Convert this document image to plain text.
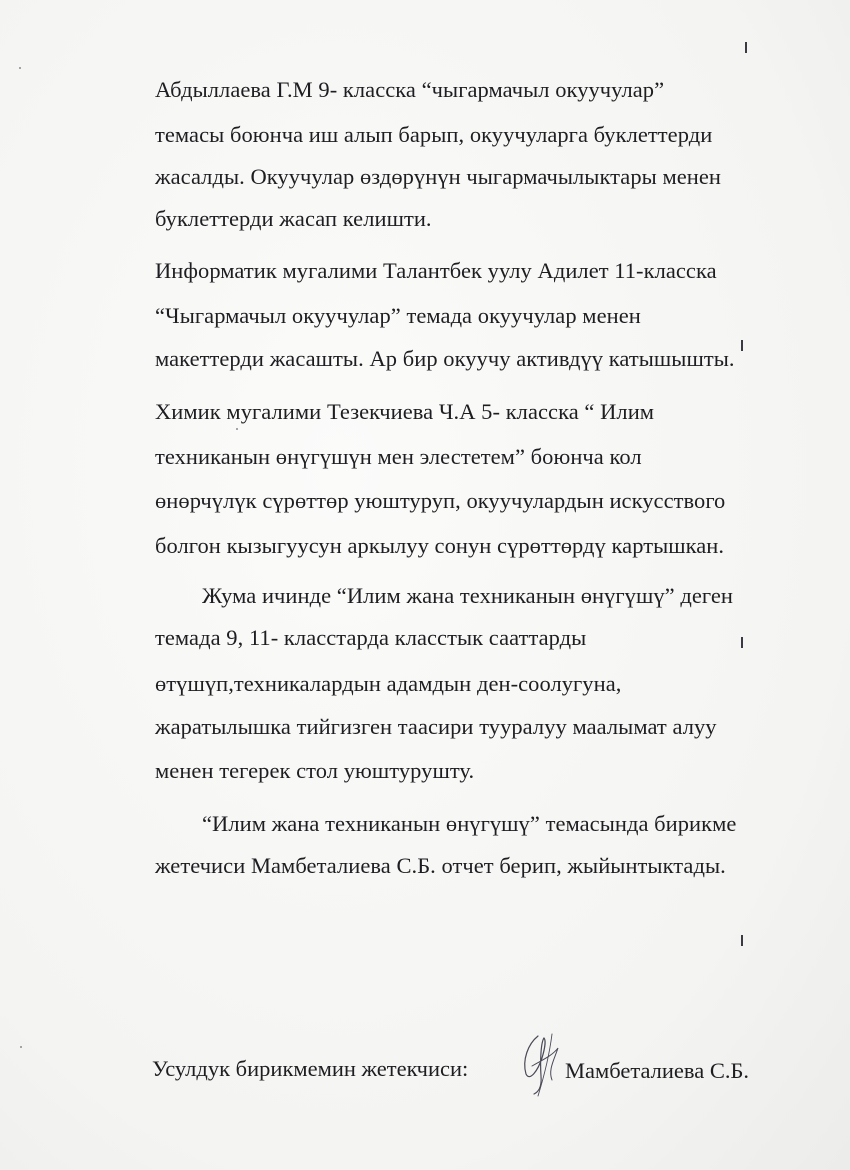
Абдыллаева Г.М 9- класска “чыгармачыл окуучулар”
темасы боюнча иш алып барып, окуучуларга буклеттерди
жасалды. Окуучулар өздөрүнүн чыгармачылыктары менен
буклеттерди жасап келишти.
Информатик мугалими Талантбек уулу Адилет 11-класска
“Чыгармачыл окуучулар” темада окуучулар менен
макеттерди жасашты. Ар бир окуучу активдүү катышышты.
Химик мугалими Тезекчиева Ч.А 5- класска “ Илим
техниканын өнүгүшүн мен элестетем” боюнча кол
өнөрчүлүк сүрөттөр уюштуруп, окуучулардын искусствого
болгон кызыгуусун аркылуу сонун сүрөттөрдү картышкан.
Жума ичинде “Илим жана техниканын өнүгүшү” деген
темада 9, 11- класстарда класстык сааттарды
өтүшүп,техникалардын адамдын ден-соолугуна,
жаратылышка тийгизген таасири тууралуу маалымат алуу
менен тегерек стол уюштурушту.
“Илим жана техниканын өнүгүшү” темасында бирикме
жетечиси Мамбеталиева С.Б. отчет берип, жыйынтыктады.
Усулдук бирикмемин жетекчиси:	Мамбеталиева С.Б.
